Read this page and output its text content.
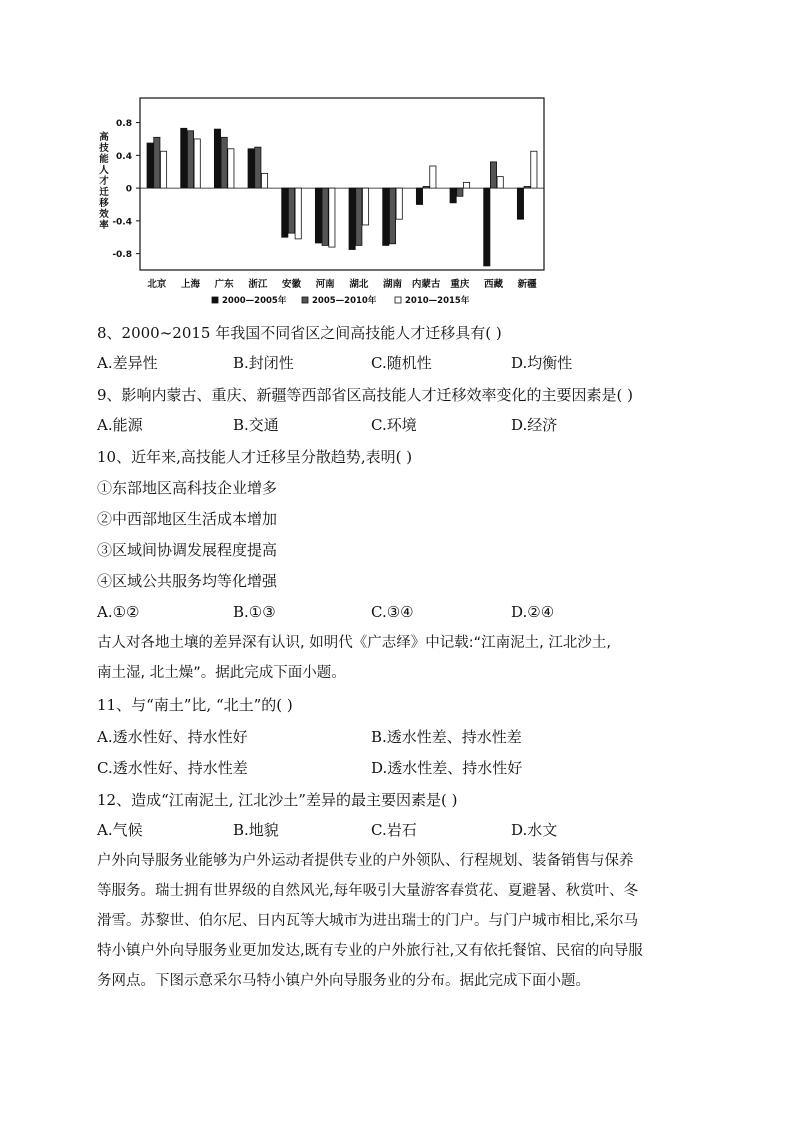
高
技
能
人
才
迁
移
效
率
0.8
0.4
0
-0.4
-0.8
北京 上海 广东 浙江 安徽 河南 湖北 湖南 内蒙古 重庆 西藏 新疆
2000—2005年	2005—2010年	2010—2015年
8、2000~2015 年我国不同省区之间高技能人才迁移具有( )
A.差异性	B.封闭性	C.随机性	D.均衡性
9、影响内蒙古、重庆、新疆等西部省区高技能人才迁移效率变化的主要因素是( )
A.能源	B.交通	C.环境	D.经济
10、近年来,高技能人才迁移呈分散趋势,表明( )
①东部地区高科技企业增多
②中西部地区生活成本增加
③区域间协调发展程度提高
④区域公共服务均等化增强
A.①②	B.①③	C.③④	D.②④
古人对各地土壤的差异深有认识, 如明代《广志绎》中记载:“江南泥土, 江北沙土,
南土湿, 北土燥”。据此完成下面小题。
11、与“南土”比, “北土”的( )
A.透水性好、持水性好	B.透水性差、持水性差
C.透水性好、持水性差	D.透水性差、持水性好
12、造成“江南泥土, 江北沙土”差异的最主要因素是( )
A.气候	B.地貌	C.岩石	D.水文
户外向导服务业能够为户外运动者提供专业的户外领队、行程规划、装备销售与保养
等服务。瑞士拥有世界级的自然风光,每年吸引大量游客春赏花、夏避暑、秋赏叶、冬
滑雪。苏黎世、伯尔尼、日内瓦等大城市为进出瑞士的门户。与门户城市相比,采尔马
特小镇户外向导服务业更加发达,既有专业的户外旅行社,又有依托餐馆、民宿的向导服
务网点。下图示意采尔马特小镇户外向导服务业的分布。据此完成下面小题。
